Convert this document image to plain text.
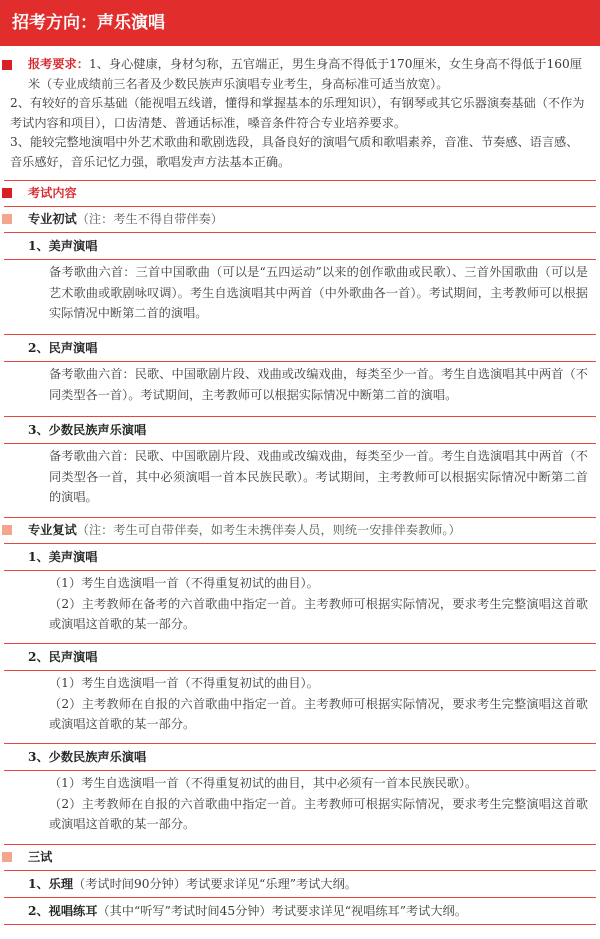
招考方向：声乐演唱

报考要求：1、身心健康，身材匀称，五官端正，男生身高不得低于170厘米，女生身高不得低于160厘米（专业成绩前三名者及少数民族声乐演唱专业考生，身高标准可适当放宽）。

2、有较好的音乐基础（能视唱五线谱，懂得和掌握基本的乐理知识），有钢琴或其它乐器演奏基础（不作为考试内容和项目），口齿清楚、普通话标准，嗓音条件符合专业培养要求。

3、能较完整地演唱中外艺术歌曲和歌剧选段，具备良好的演唱气质和歌唱素养，音准、节奏感、语言感、音乐感好，音乐记忆力强，歌唱发声方法基本正确。

考试内容
专业初试（注：考生不得自带伴奏）
1、美声演唱

备考歌曲六首：三首中国歌曲（可以是“五四运动”以来的创作歌曲或民歌）、三首外国歌曲（可以是艺术歌曲或歌剧咏叹调）。考生自选演唱其中两首（中外歌曲各一首）。考试期间，主考教师可以根据实际情况中断第二首的演唱。

2、民声演唱

备考歌曲六首：民歌、中国歌剧片段、戏曲或改编戏曲，每类至少一首。考生自选演唱其中两首（不同类型各一首）。考试期间，主考教师可以根据实际情况中断第二首的演唱。

3、少数民族声乐演唱

备考歌曲六首：民歌、中国歌剧片段、戏曲或改编戏曲，每类至少一首。考生自选演唱其中两首（不同类型各一首，其中必须演唱一首本民族民歌）。考试期间，主考教师可以根据实际情况中断第二首的演唱。

专业复试（注：考生可自带伴奏，如考生未携伴奏人员，则统一安排伴奏教师。）
1、美声演唱

（1）考生自选演唱一首（不得重复初试的曲目）。

（2）主考教师在备考的六首歌曲中指定一首。主考教师可根据实际情况，要求考生完整演唱这首歌或演唱这首歌的某一部分。

2、民声演唱

（1）考生自选演唱一首（不得重复初试的曲目）。

（2）主考教师在自报的六首歌曲中指定一首。主考教师可根据实际情况，要求考生完整演唱这首歌或演唱这首歌的某一部分。

3、少数民族声乐演唱

（1）考生自选演唱一首（不得重复初试的曲目，其中必须有一首本民族民歌）。

（2）主考教师在自报的六首歌曲中指定一首。主考教师可根据实际情况，要求考生完整演唱这首歌或演唱这首歌的某一部分。

三试
1、乐理（考试时间90分钟）考试要求详见“乐理”考试大纲。
2、视唱练耳（其中“听写”考试时间45分钟）考试要求详见“视唱练耳”考试大纲。
